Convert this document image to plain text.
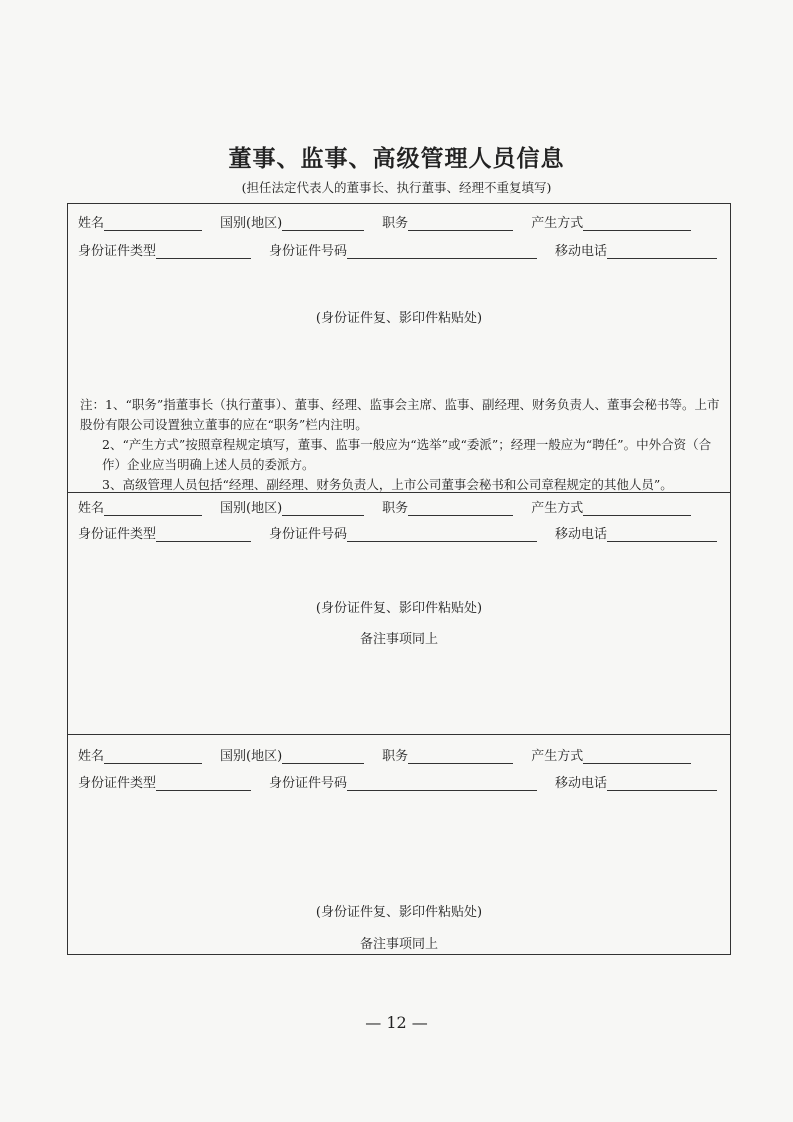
董事、监事、高级管理人员信息
(担任法定代表人的董事长、执行董事、经理不重复填写)
姓名	国别(地区)	职务	产生方式
身份证件类型	身份证件号码	移动电话
(身份证件复、影印件粘贴处)

注：1、“职务”指董事长（执行董事）、董事、经理、监事会主席、监事、副经理、财务负责人、董事会秘书等。上市股份有限公司设置独立董事的应在“职务”栏内注明。

2、“产生方式”按照章程规定填写，董事、监事一般应为“选举”或“委派”；经理一般应为“聘任”。中外合资（合作）企业应当明确上述人员的委派方。

3、高级管理人员包括“经理、副经理、财务负责人，上市公司董事会秘书和公司章程规定的其他人员”。

姓名	国别(地区)	职务	产生方式
身份证件类型	身份证件号码	移动电话
(身份证件复、影印件粘贴处)
备注事项同上
姓名	国别(地区)	职务	产生方式
身份证件类型	身份证件号码	移动电话
(身份证件复、影印件粘贴处)
备注事项同上
— 12 —
